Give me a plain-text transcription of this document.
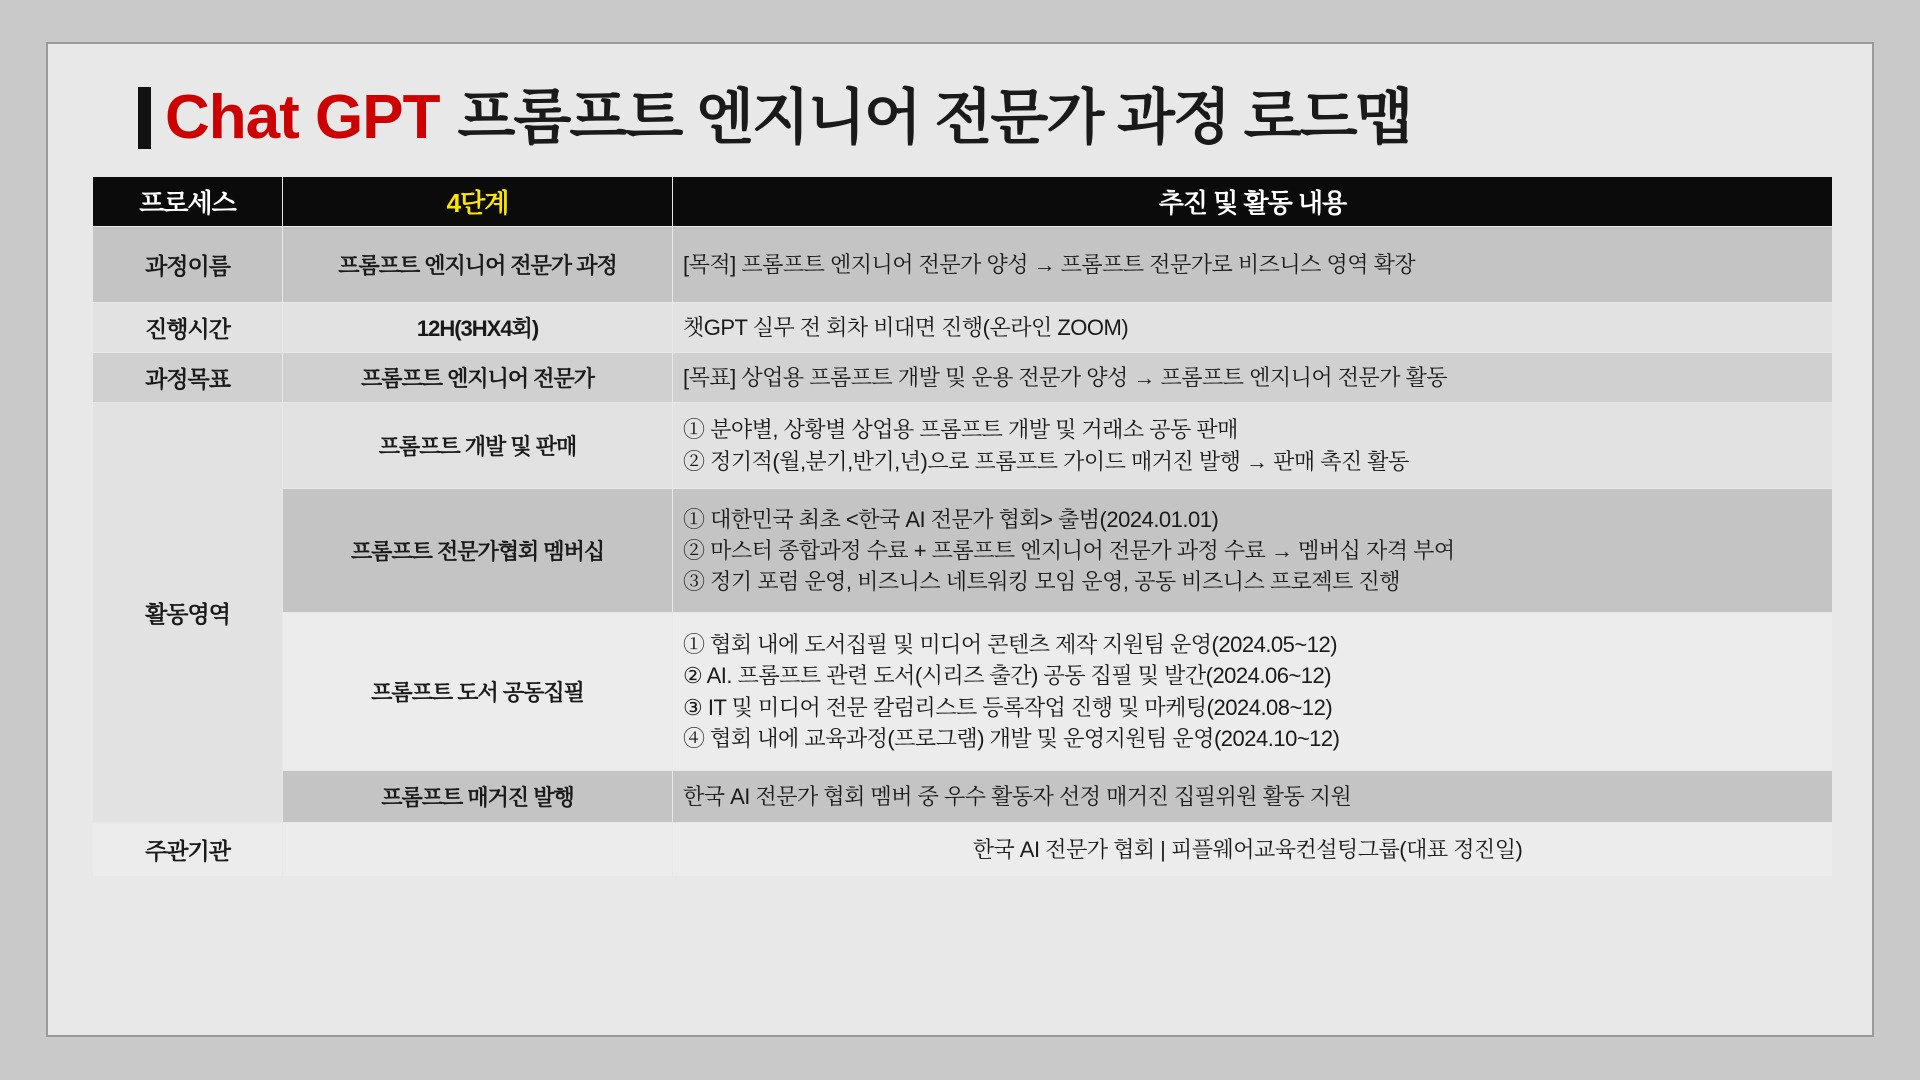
Chat GPT 프롬프트 엔지니어 전문가 과정 로드맵
프로세스	4단계	추진 및 활동 내용
과정이름	프롬프트 엔지니어 전문가 과정	[목적] 프롬프트 엔지니어 전문가 양성 → 프롬프트 전문가로 비즈니스 영역 확장

진행시간	12H(3HX4회)	챗GPT 실무 전 회차 비대면 진행(온라인 ZOOM)

과정목표	프롬프트 엔지니어 전문가	[목표] 상업용 프롬프트 개발 및 운용 전문가 양성 → 프롬프트 엔지니어 전문가 활동

활동영역	프롬프트 개발 및 판매	① 분야별, 상황별 상업용 프롬프트 개발 및 거래소 공동 판매
② 정기적(월,분기,반기,년)으로 프롬프트 가이드 매거진 발행 → 판매 촉진 활동

	프롬프트 전문가협회 멤버십	① 대한민국 최초 <한국 AI 전문가 협회> 출범(2024.01.01)
② 마스터 종합과정 수료 + 프롬프트 엔지니어 전문가 과정 수료 → 멤버십 자격 부여
③ 정기 포럼 운영, 비즈니스 네트워킹 모임 운영, 공동 비즈니스 프로젝트 진행

	프롬프트 도서 공동집필	① 협회 내에 도서집필 및 미디어 콘텐츠 제작 지원팀 운영(2024.05~12)
② AI. 프롬프트 관련 도서(시리즈 출간) 공동 집필 및 발간(2024.06~12)
③ IT 및 미디어 전문 칼럼리스트 등록작업 진행 및 마케팅(2024.08~12)
④ 협회 내에 교육과정(프로그램) 개발 및 운영지원팀 운영(2024.10~12)

	프롬프트 매거진 발행	한국 AI 전문가 협회 멤버 중 우수 활동자 선정 매거진 집필위원 활동 지원

주관기관		한국 AI 전문가 협회 | 피플웨어교육컨설팅그룹(대표 정진일)
